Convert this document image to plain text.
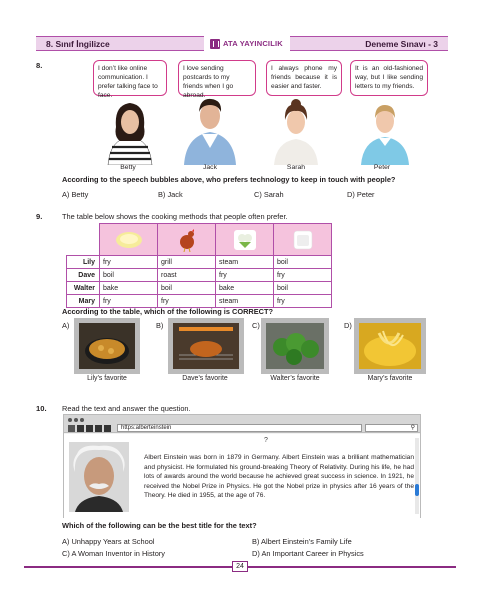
8. Sınıf İngilizce	Deneme Sınavı - 3
ATA YAYINCILIK
8.	I don’t like online communication. I prefer talking face to face.
I love sending postcards to my friends when I go abroad.
I always phone my friends because it is easier and faster.
It is an old-fashioned way, but I like sending letters to my friends.
Betty	Jack	Sarah	Peter
According to the speech bubbles above, who prefers technology to keep in touch with people?
A) Betty	B) Jack	C) Sarah	D) Peter
9.	The table below shows the cooking methods that people often prefer.

Lily	fry	grill	steam	boil
Dave	boil	roast	fry	fry
Walter	bake	boil	bake	boil
Mary	fry	fry	steam	fry
According to the table, which of the following is CORRECT?
A)	B)	C)	D)
Lily’s favorite	Dave’s favorite	Walter’s favorite	Mary’s favorite
10. Read the text and answer the question.
https:alberteinstein	⚲
?
Albert Einstein was born in 1879 in Germany. Albert Einstein was a brilliant mathematician and physicist. He formulated his ground-breaking Theory of Relativity. During his life, he had lots of awards around the world because he achieved great success in science. In 1921, he received the Nobel Prize in Physics. He got the Nobel prize in physics after 16 years of the Theory. He died in 1955, at the age of 76.
Which of the following can be the best title for the text?
A) Unhappy Years at School	B) Albert Einstein’s Family Life
C) A Woman Inventor in History	D) An Important Career in Physics
24
